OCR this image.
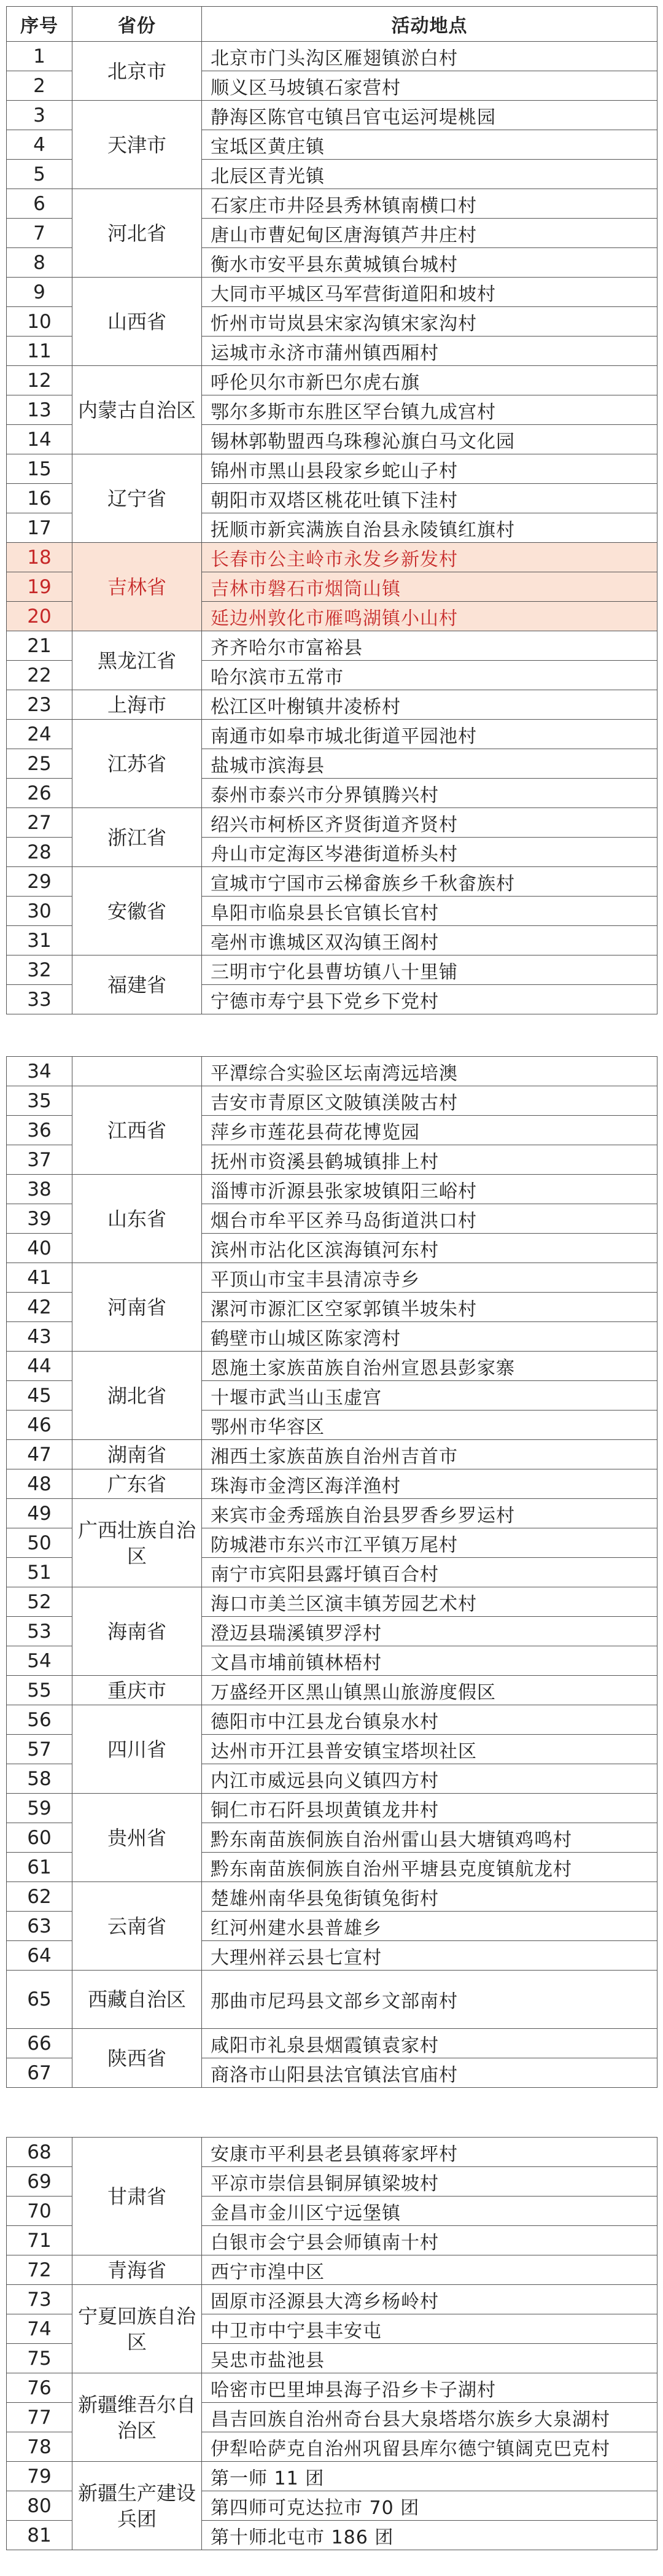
序号	省份	活动地点
1	北京市	北京市门头沟区雁翅镇淤白村
2		顺义区马坡镇石家营村
3	天津市	静海区陈官屯镇吕官屯运河堤桃园
4		宝坻区黄庄镇
5		北辰区青光镇
6	河北省	石家庄市井陉县秀林镇南横口村
7		唐山市曹妃甸区唐海镇芦井庄村
8		衡水市安平县东黄城镇台城村
9	山西省	大同市平城区马军营街道阳和坡村
10		忻州市岢岚县宋家沟镇宋家沟村
11		运城市永济市蒲州镇西厢村
12	内蒙古自治区	呼伦贝尔市新巴尔虎右旗
13		鄂尔多斯市东胜区罕台镇九成宫村
14		锡林郭勒盟西乌珠穆沁旗白马文化园
15	辽宁省	锦州市黑山县段家乡蛇山子村
16		朝阳市双塔区桃花吐镇下洼村
17		抚顺市新宾满族自治县永陵镇红旗村
18	吉林省	长春市公主岭市永发乡新发村
19		吉林市磐石市烟筒山镇
20		延边州敦化市雁鸣湖镇小山村
21	黑龙江省	齐齐哈尔市富裕县
22		哈尔滨市五常市
23	上海市	松江区叶榭镇井凌桥村
24	江苏省	南通市如皋市城北街道平园池村
25		盐城市滨海县
26		泰州市泰兴市分界镇腾兴村
27	浙江省	绍兴市柯桥区齐贤街道齐贤村
28		舟山市定海区岑港街道桥头村
29	安徽省	宣城市宁国市云梯畲族乡千秋畲族村
30		阜阳市临泉县长官镇长官村
31		亳州市谯城区双沟镇王阁村
32	福建省	三明市宁化县曹坊镇八十里铺
33		宁德市寿宁县下党乡下党村
34		平潭综合实验区坛南湾远培澳
35	江西省	吉安市青原区文陂镇渼陂古村
36		萍乡市莲花县荷花博览园
37		抚州市资溪县鹤城镇排上村
38	山东省	淄博市沂源县张家坡镇阳三峪村
39		烟台市牟平区养马岛街道洪口村
40		滨州市沾化区滨海镇河东村
41	河南省	平顶山市宝丰县清凉寺乡
42		漯河市源汇区空冢郭镇半坡朱村
43		鹤壁市山城区陈家湾村
44	湖北省	恩施土家族苗族自治州宣恩县彭家寨
45		十堰市武当山玉虚宫
46		鄂州市华容区
47	湖南省	湘西土家族苗族自治州吉首市
48	广东省	珠海市金湾区海洋渔村
49	广西壮族自治区	来宾市金秀瑶族自治县罗香乡罗运村
50		防城港市东兴市江平镇万尾村
51		南宁市宾阳县露圩镇百合村
52	海南省	海口市美兰区演丰镇芳园艺术村
53		澄迈县瑞溪镇罗浮村
54		文昌市埔前镇林梧村
55	重庆市	万盛经开区黑山镇黑山旅游度假区
56	四川省	德阳市中江县龙台镇泉水村
57		达州市开江县普安镇宝塔坝社区
58		内江市威远县向义镇四方村
59	贵州省	铜仁市石阡县坝黄镇龙井村
60		黔东南苗族侗族自治州雷山县大塘镇鸡鸣村
61		黔东南苗族侗族自治州平塘县克度镇航龙村
62	云南省	楚雄州南华县兔街镇兔街村
63		红河州建水县普雄乡
64		大理州祥云县七宣村
65	西藏自治区	那曲市尼玛县文部乡文部南村
66	陕西省	咸阳市礼泉县烟霞镇袁家村
67		商洛市山阳县法官镇法官庙村
68	甘肃省	安康市平利县老县镇蒋家坪村
69		平凉市崇信县铜屏镇梁坡村
70		金昌市金川区宁远堡镇
71		白银市会宁县会师镇南十村
72	青海省	西宁市湟中区
73	宁夏回族自治区	固原市泾源县大湾乡杨岭村
74		中卫市中宁县丰安屯
75		吴忠市盐池县
76	新疆维吾尔自治区	哈密市巴里坤县海子沿乡卡子湖村
77		昌吉回族自治州奇台县大泉塔塔尔族乡大泉湖村
78		伊犁哈萨克自治州巩留县库尔德宁镇阔克巴克村
79	新疆生产建设兵团	第一师 11 团
80		第四师可克达拉市 70 团
81		第十师北屯市 186 团
